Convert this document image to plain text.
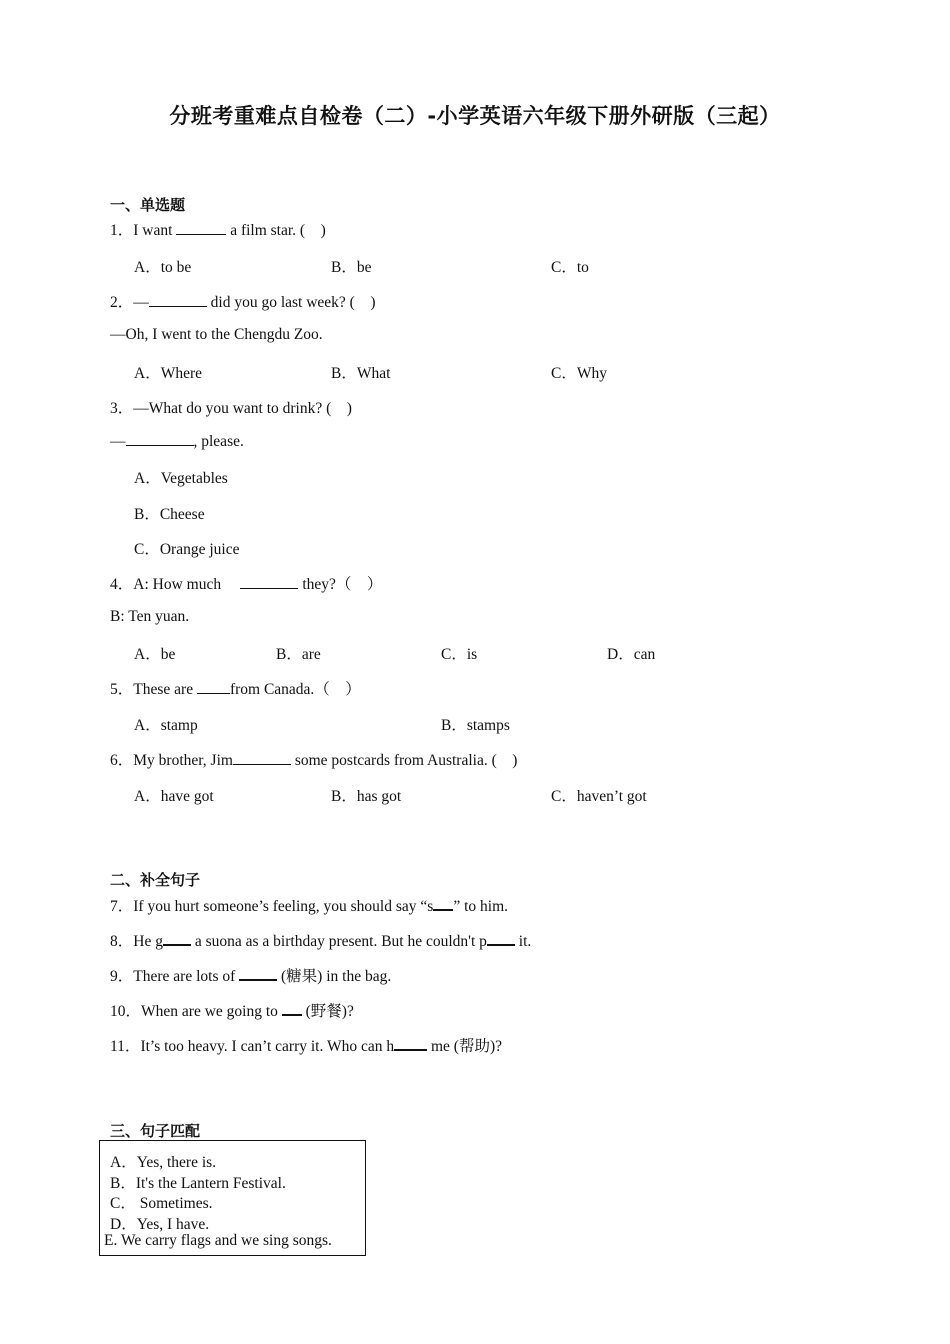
分班考重难点自检卷（二）-小学英语六年级下册外研版（三起）
一、单选题
1．I want	a film star. (　)
A．to be	B．be	C．to
2．—	did you go last week? (　)
—Oh, I went to the Chengdu Zoo.
A．Where	B．What	C．Why
3．—What do you want to drink? (　)
—	, please.
A．Vegetables
B．Cheese
C．Orange juice
4．A: How much　	they?（　）
B: Ten yuan.
A．be	B．are	C．is	D．can
5．These are from Canada.（　）
A．stamp	B．stamps
6．My brother, Jim	some postcards from Australia. (　)
A．have got	B．has got	C．haven’t got
二、补全句子
7．If you hurt someone’s feeling, you should say “s ” to him.
8．He g a suona as a birthday present. But he couldn't p it.
9．There are lots of  (糖果) in the bag.
10．When are we going to  (野餐)?
11．It’s too heavy. I can’t carry it. Who can h me (帮助)?
三、句子匹配
A．Yes, there is.
B．It's the Lantern Festival.
C． Sometimes.
D．Yes, I have.
E. We carry flags and we sing songs.
